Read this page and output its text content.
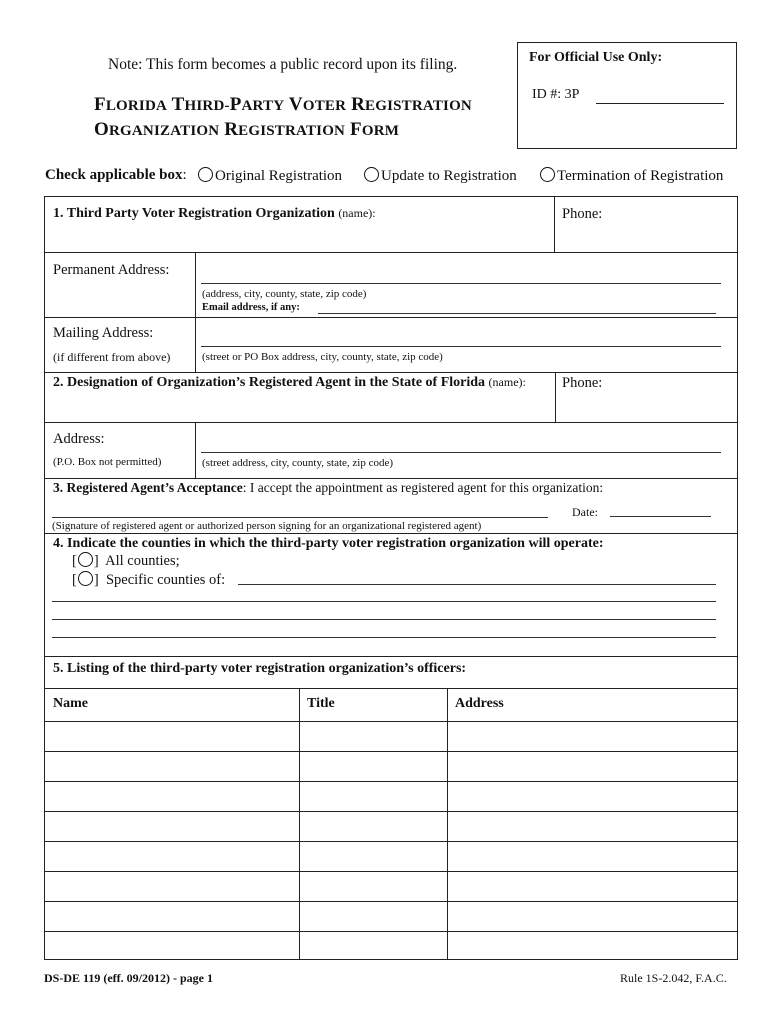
Note: This form becomes a public record upon its filing.	For Official Use Only:
ID #: 3P
FLORIDA THIRD-PARTY VOTER REGISTRATION
ORGANIZATION REGISTRATION FORM
Check applicable box:	Original Registration	Update to Registration	Termination of Registration
1. Third Party Voter Registration Organization (name):	Phone:
Permanent Address:
(address, city, county, state, zip code)
Email address, if any:
Mailing Address:
(if different from above)	(street or PO Box address, city, county, state, zip code)
2. Designation of Organization’s Registered Agent in the State of Florida (name): Phone:
Address:
(P.O. Box not permitted)	(street address, city, county, state, zip code)
3. Registered Agent’s Acceptance: I accept the appointment as registered agent for this organization:
Date:
(Signature of registered agent or authorized person signing for an organizational registered agent)
4. Indicate the counties in which the third-party voter registration organization will operate:
[ ]  All counties;
[ ]  Specific counties of:
5. Listing of the third-party voter registration organization’s officers:
Name	Title	Address
DS-DE 119 (eff. 09/2012) - page 1	Rule 1S-2.042, F.A.C.
